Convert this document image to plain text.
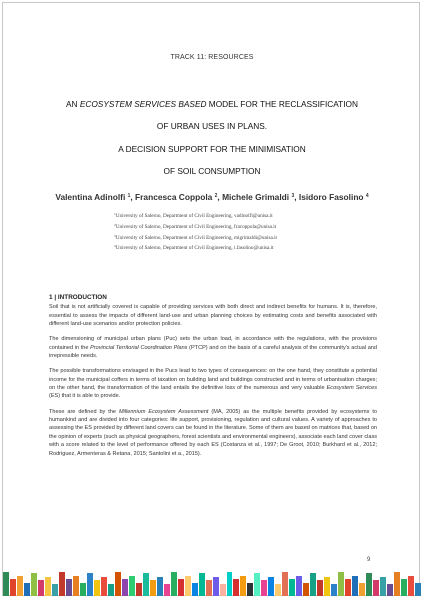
TRACK 11: RESOURCES
AN ECOSYSTEM SERVICES BASED MODEL FOR THE RECLASSIFICATION
OF URBAN USES IN PLANS.
A DECISION SUPPORT FOR THE MINIMISATION
OF SOIL CONSUMPTION
Valentina Adinolfi $^1$, Francesca Coppola $^2$, Michele Grimaldi $^3$, Isidoro Fasolino $^4$
$^1$University of Salerno, Department of Civil Engineering, vadinolfi@unisa.it
$^2$University of Salerno, Department of Civil Engineering, fracoppola@unisa.it
$^3$University of Salerno, Department of Civil Engineering, migrimaldi@unisa.it
$^4$University of Salerno, Department of Civil Engineering, i.fasolino@unisa.it
1 | INTRODUCTION

Soil that is not artificially covered is capable of providing services with both direct and indirect benefits for humans. It is, therefore, essential to assess the impacts of different land-use and urban planning choices by estimating costs and benefits associated with different land-use scenarios and/or protection policies.

The dimensioning of municipal urban plans (Puc) sets the urban load, in accordance with the regulations, with the provisions contained in the Provincial Territorial Coordination Plans (PTCP) and on the basis of a careful analysis of the community's actual and irrepressible needs.

The possible transformations envisaged in the Pucs lead to two types of consequences: on the one hand, they constitute a potential income for the municipal coffers in terms of taxation on building land and buildings constructed and in terms of urbanisation charges; on the other hand, the transformation of the land entails the definitive loss of the numerous and very valuable Ecosystem Services (ES) that it is able to provide.

These are defined by the Millennium Ecosystem Assessment (MA, 2005) as the multiple benefits provided by ecosystems to humankind and are divided into four categories: life support, provisioning, regulation and cultural values. A variety of approaches to assessing the ES provided by different land covers can be found in the literature. Some of them are based on matrices that, based on the opinion of experts (such as physical geographers, forest scientists and environmental engineers), associate each land cover class with a score related to the level of performance offered by each ES (Costanza et al., 1997; De Groot, 2010; Burkhard et al., 2012; Rodriguez, Armenteras & Retana, 2015; Santolini et a., 2015).

9
